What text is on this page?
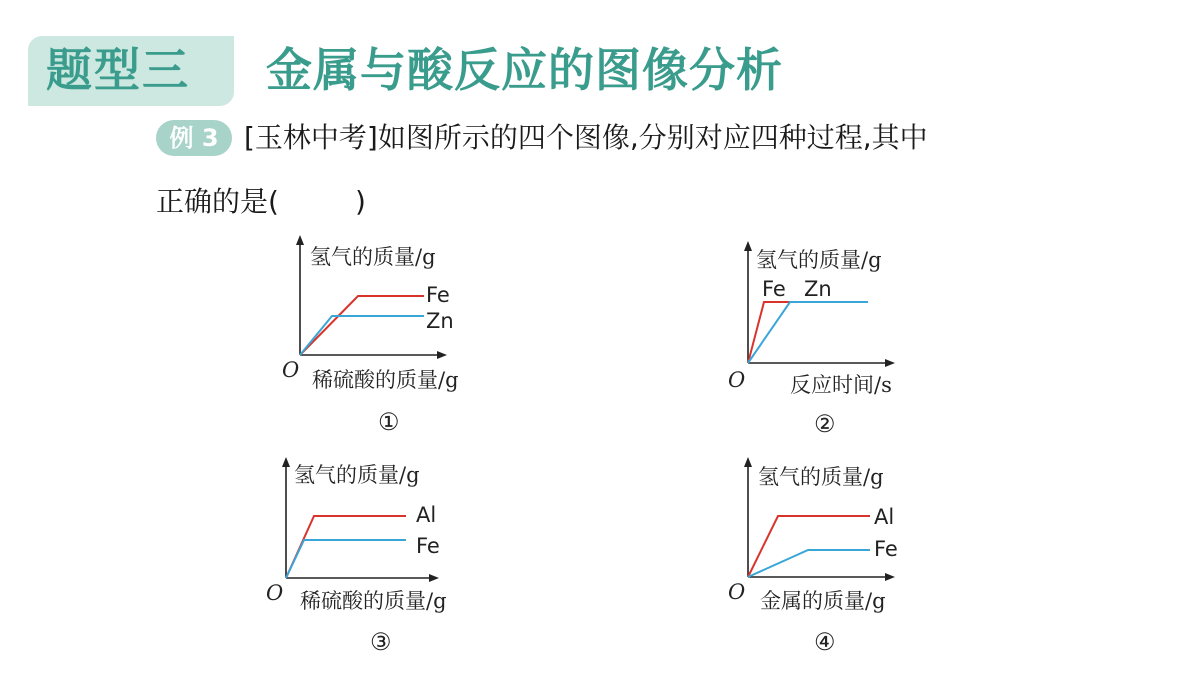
题型三 金属与酸反应的图像分析
例 3 [玉林中考]如图所示的四个图像,分别对应四种过程,其中
正确的是(	)
氢气的质量/g
Fe
Zn
O 稀硫酸的质量/g
①
氢气的质量/g
Fe Zn
O 反应时间/s
②
氢气的质量/g
Al
Fe
O 稀硫酸的质量/g
③
氢气的质量/g
Al
Fe
O 金属的质量/g
④
